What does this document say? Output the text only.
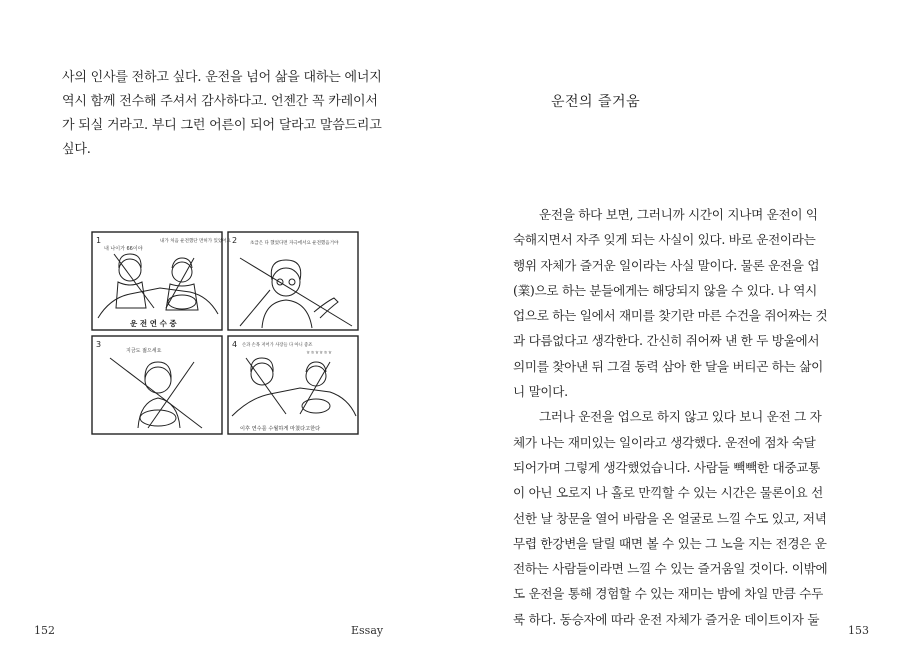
사의 인사를 전하고 싶다. 운전을 넘어 삶을 대하는 에너지

역시 함께 전수해 주셔서 감사하다고. 언젠간 꼭 카레이서

가 되실 거라고. 부디 그런 어른이 되어 달라고 말씀드리고

싶다.

1
내 나이가 66이야
내가 처음 운전했단 면허가 있었어요
운 전 연 수 중
2	초급은 다 했었다면 자극에서요 운전했음거야
3
지금도 젊으세요
4 손과 손목 저어가 사장들 다 아니 좋죠
ㅎㅎㅎㅎㅎㅎ
이후 연수를 수월하게 마쳤다고한다
152	Essay
운전의 즐거움

운전을 하다 보면, 그러니까 시간이 지나며 운전이 익

숙해지면서 자주 잊게 되는 사실이 있다. 바로 운전이라는

행위 자체가 즐거운 일이라는 사실 말이다. 물론 운전을 업

(業)으로 하는 분들에게는 해당되지 않을 수 있다. 나 역시

업으로 하는 일에서 재미를 찾기란 마른 수건을 쥐어짜는 것

과 다름없다고 생각한다. 간신히 쥐어짜 낸 한 두 방울에서

의미를 찾아낸 뒤 그걸 동력 삼아 한 달을 버티곤 하는 삶이

니 말이다.

그러나 운전을 업으로 하지 않고 있다 보니 운전 그 자

체가 나는 재미있는 일이라고 생각했다. 운전에 점차 숙달

되어가며 그렇게 생각했었습니다. 사람들 빽빽한 대중교통

이 아닌 오로지 나 홀로 만끽할 수 있는 시간은 물론이요 선

선한 날 창문을 열어 바람을 온 얼굴로 느낄 수도 있고, 저녁

무렵 한강변을 달릴 때면 볼 수 있는 그 노을 지는 전경은 운

전하는 사람들이라면 느낄 수 있는 즐거움일 것이다. 이밖에

도 운전을 통해 경험할 수 있는 재미는 밤에 차일 만큼 수두

룩 하다. 동승자에 따라 운전 자체가 즐거운 데이트이자 둘

153
